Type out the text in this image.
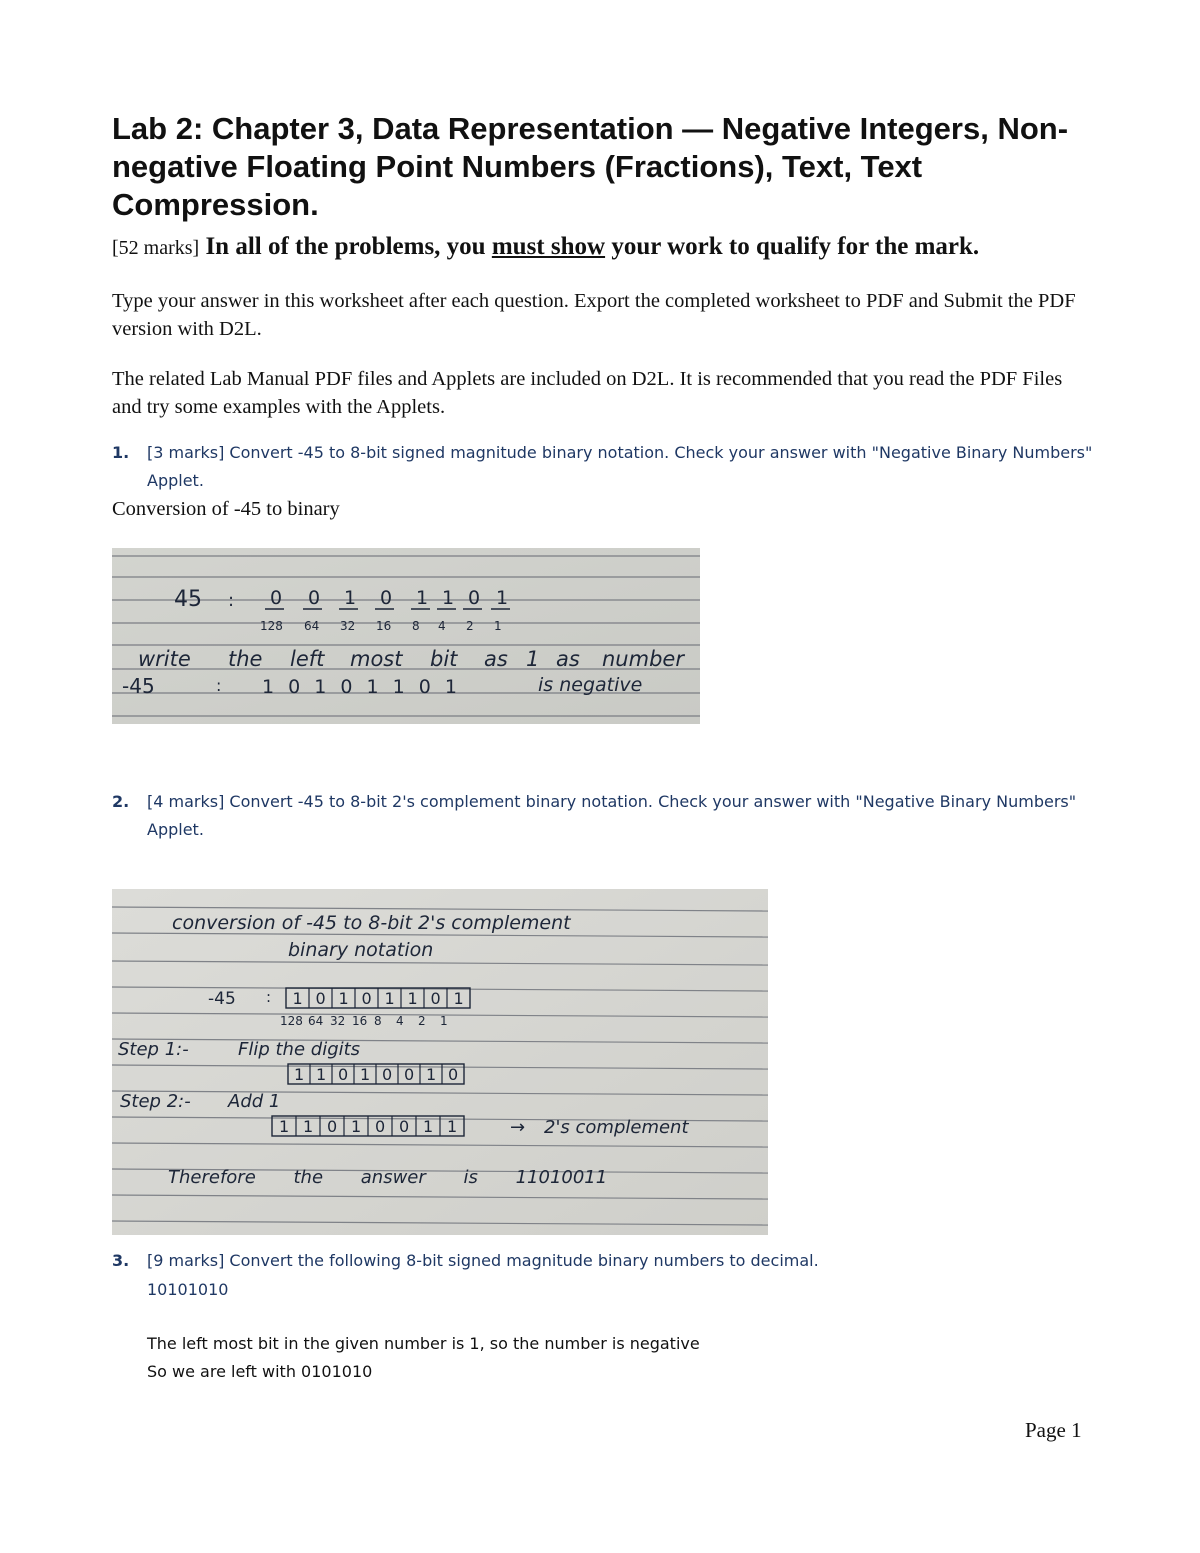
Lab 2: Chapter 3, Data Representation — Negative Integers, Non-negative Floating Point Numbers (Fractions), Text, Text Compression.
[52 marks] In all of the problems, you must show your work to qualify for the mark.
Type your answer in this worksheet after each question. Export the completed worksheet to PDF and Submit the PDF version with D2L.
The related Lab Manual PDF files and Applets are included on D2L. It is recommended that you read the PDF Files and try some examples with the Applets.
1. [3 marks] Convert -45 to 8-bit signed magnitude binary notation. Check your answer with "Negative Binary Numbers" Applet.
Conversion of -45 to binary
45 : 0 0 1 0 1 1 0 1
128 64 32 16 8 4 2 1
write the left most bit as 1 as number
-45	: 1 0 1 0 1 1 0 1	is negative
2. [4 marks] Convert -45 to 8-bit 2's complement binary notation. Check your answer with "Negative Binary Numbers" Applet.
conversion of -45 to 8-bit 2's complement
binary notation
-45 : 1 0 1 0 1 1 0 1
128 64 32 16 8 4 2 1
Step 1:-	Flip the digits
1 1 0 1 0 0 1 0
Step 2:- Add 1
1 1 0 1 0 0 1 1	→ 2's complement
Therefore the answer is 11010011
3. [9 marks] Convert the following 8-bit signed magnitude binary numbers to decimal.
10101010
The left most bit in the given number is 1, so the number is negative
So we are left with 0101010
Page 1
